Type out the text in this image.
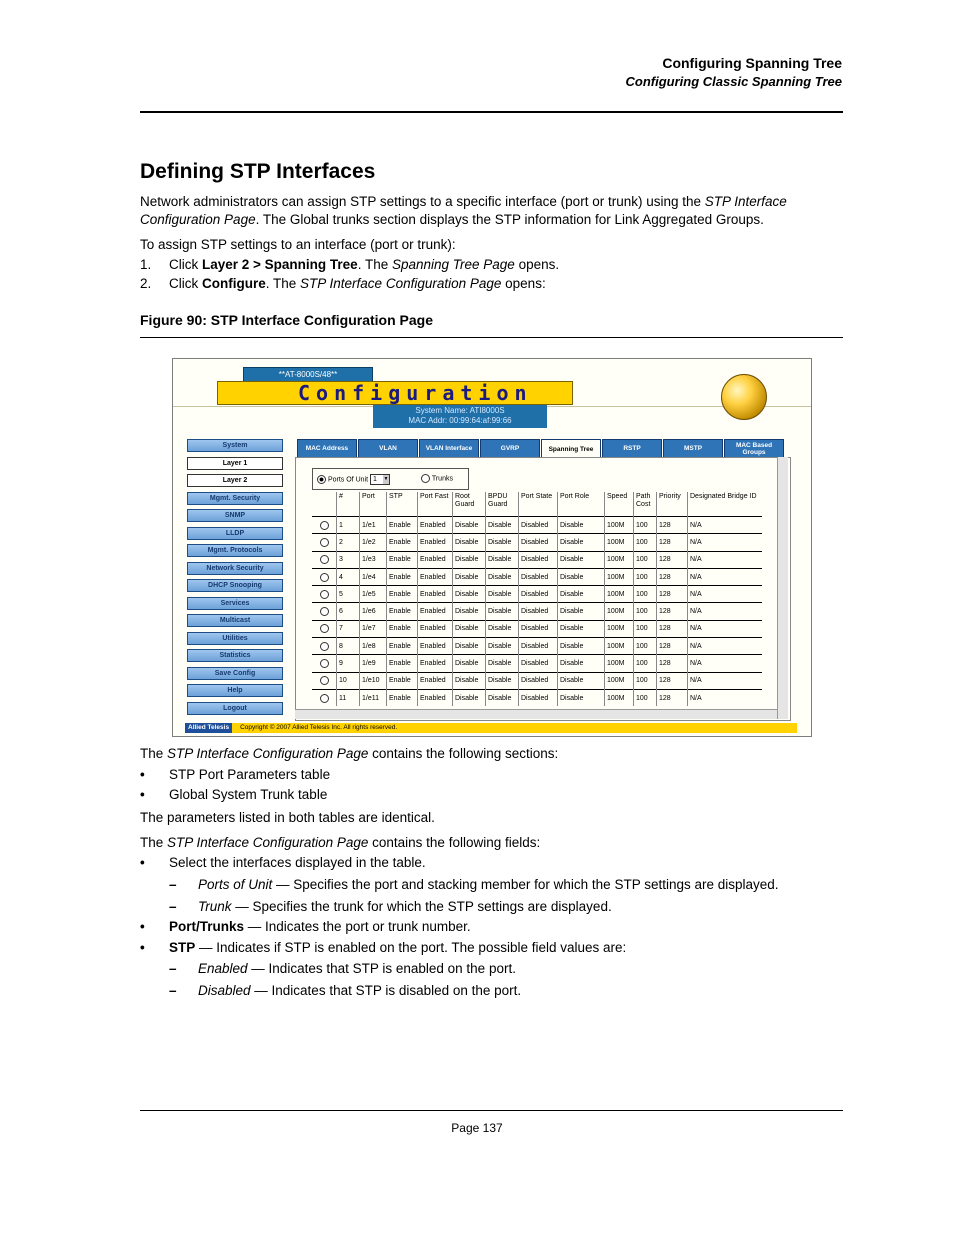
Configuring Spanning Tree
Configuring Classic Spanning Tree
Defining STP Interfaces
Network administrators can assign STP settings to a specific interface (port or trunk) using the STP Interface Configuration Page. The Global trunks section displays the STP information for Link Aggregated Groups.
To assign STP settings to an interface (port or trunk):
1. Click Layer 2 > Spanning Tree. The Spanning Tree Page opens.
2. Click Configure. The STP Interface Configuration Page opens:
Figure 90: STP Interface Configuration Page
**AT-8000S/48**
Configuration
System Name: ATI8000S
MAC Addr: 00:99:64:af:99:66
System
Layer 1
Layer 2
Mgmt. Security
SNMP
LLDP
Mgmt. Protocols
Network Security
DHCP Snooping
Services
Multicast
Utilities
Statistics
Save Config
Help
Logout
MAC Address	VLAN	VLAN Interface	GVRP	Spanning Tree	RSTP	MSTP	MAC Based Groups
Ports Of Unit 1 ▼	Trunks
	#	Port	STP	Port Fast	Root Guard	BPDU Guard	Port State	Port Role	Speed	Path Cost	Priority	Designated Bridge ID
	1	1/e1	Enable	Enabled	Disable	Disable	Disabled	Disable	100M	100	128	N/A
	2	1/e2	Enable	Enabled	Disable	Disable	Disabled	Disable	100M	100	128	N/A
	3	1/e3	Enable	Enabled	Disable	Disable	Disabled	Disable	100M	100	128	N/A
	4	1/e4	Enable	Enabled	Disable	Disable	Disabled	Disable	100M	100	128	N/A
	5	1/e5	Enable	Enabled	Disable	Disable	Disabled	Disable	100M	100	128	N/A
	6	1/e6	Enable	Enabled	Disable	Disable	Disabled	Disable	100M	100	128	N/A
	7	1/e7	Enable	Enabled	Disable	Disable	Disabled	Disable	100M	100	128	N/A
	8	1/e8	Enable	Enabled	Disable	Disable	Disabled	Disable	100M	100	128	N/A
	9	1/e9	Enable	Enabled	Disable	Disable	Disabled	Disable	100M	100	128	N/A
	10	1/e10	Enable	Enabled	Disable	Disable	Disabled	Disable	100M	100	128	N/A
	11	1/e11	Enable	Enabled	Disable	Disable	Disabled	Disable	100M	100	128	N/A
Allied Telesis Copyright © 2007 Allied Telesis Inc. All rights reserved.
The STP Interface Configuration Page contains the following sections:
• STP Port Parameters table
• Global System Trunk table
The parameters listed in both tables are identical.
The STP Interface Configuration Page contains the following fields:
• Select the interfaces displayed in the table.
– Ports of Unit — Specifies the port and stacking member for which the STP settings are displayed.
– Trunk — Specifies the trunk for which the STP settings are displayed.
• Port/Trunks — Indicates the port or trunk number.
• STP — Indicates if STP is enabled on the port. The possible field values are:
– Enabled — Indicates that STP is enabled on the port.
– Disabled — Indicates that STP is disabled on the port.
Page 137
